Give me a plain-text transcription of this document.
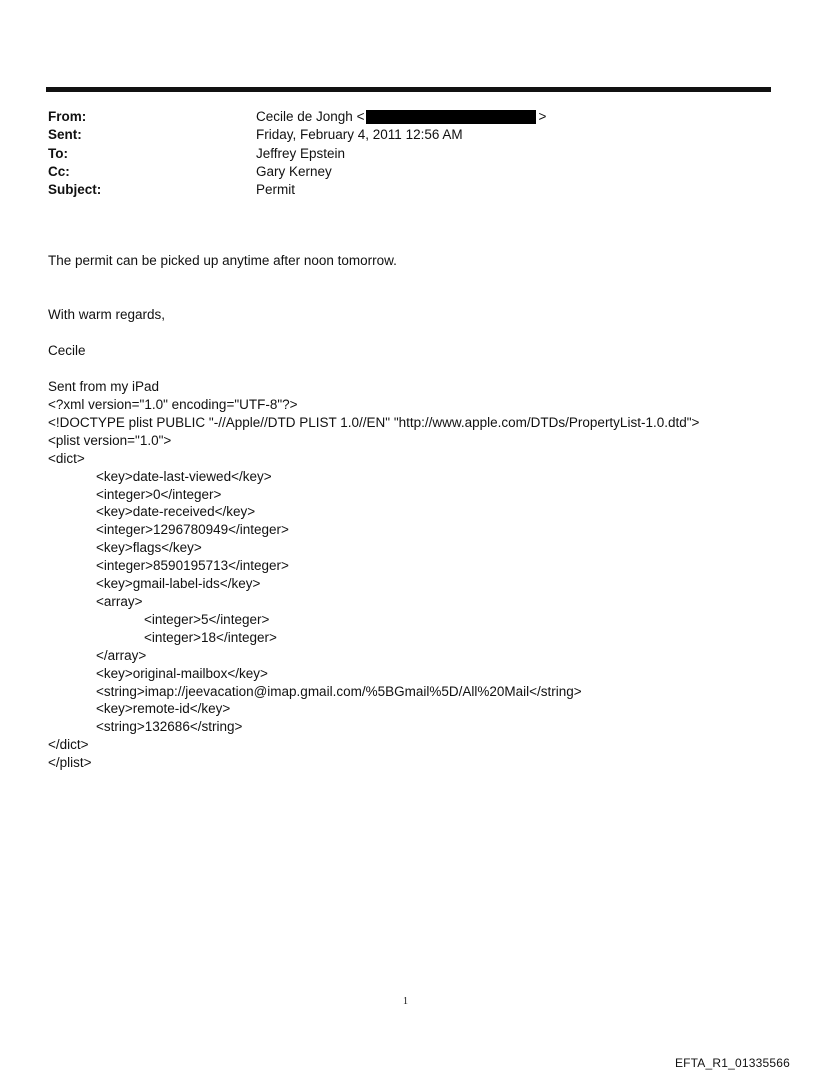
From:	Cecile de Jongh
<	>
Sent:	Friday, February 4, 2011 12:56 AM
To:	Jeffrey Epstein
Cc:	Gary Kerney
Subject:	Permit
The permit can be picked up anytime after noon tomorrow.
With warm regards,
Cecile
Sent from my iPad
<?xml version="1.0" encoding="UTF-8"?>
<!DOCTYPE plist PUBLIC "-//Apple//DTD PLIST 1.0//EN" "http://www.apple.com/DTDs/PropertyList-1.0.dtd">
<plist version="1.0">
<dict>
<key>date-last-viewed</key>
<integer>0</integer>
<key>date-received</key>
<integer>1296780949</integer>
<key>flags</key>
<integer>8590195713</integer>
<key>gmail-label-ids</key>
<array>
<integer>5</integer>
<integer>18</integer>
</array>
<key>original-mailbox</key>
<string>imap://jeevacation@imap.gmail.com/%5BGmail%5D/All%20Mail</string>
<key>remote-id</key>
<string>132686</string>
</dict>
</plist>
1
EFTA_R1_01335566
